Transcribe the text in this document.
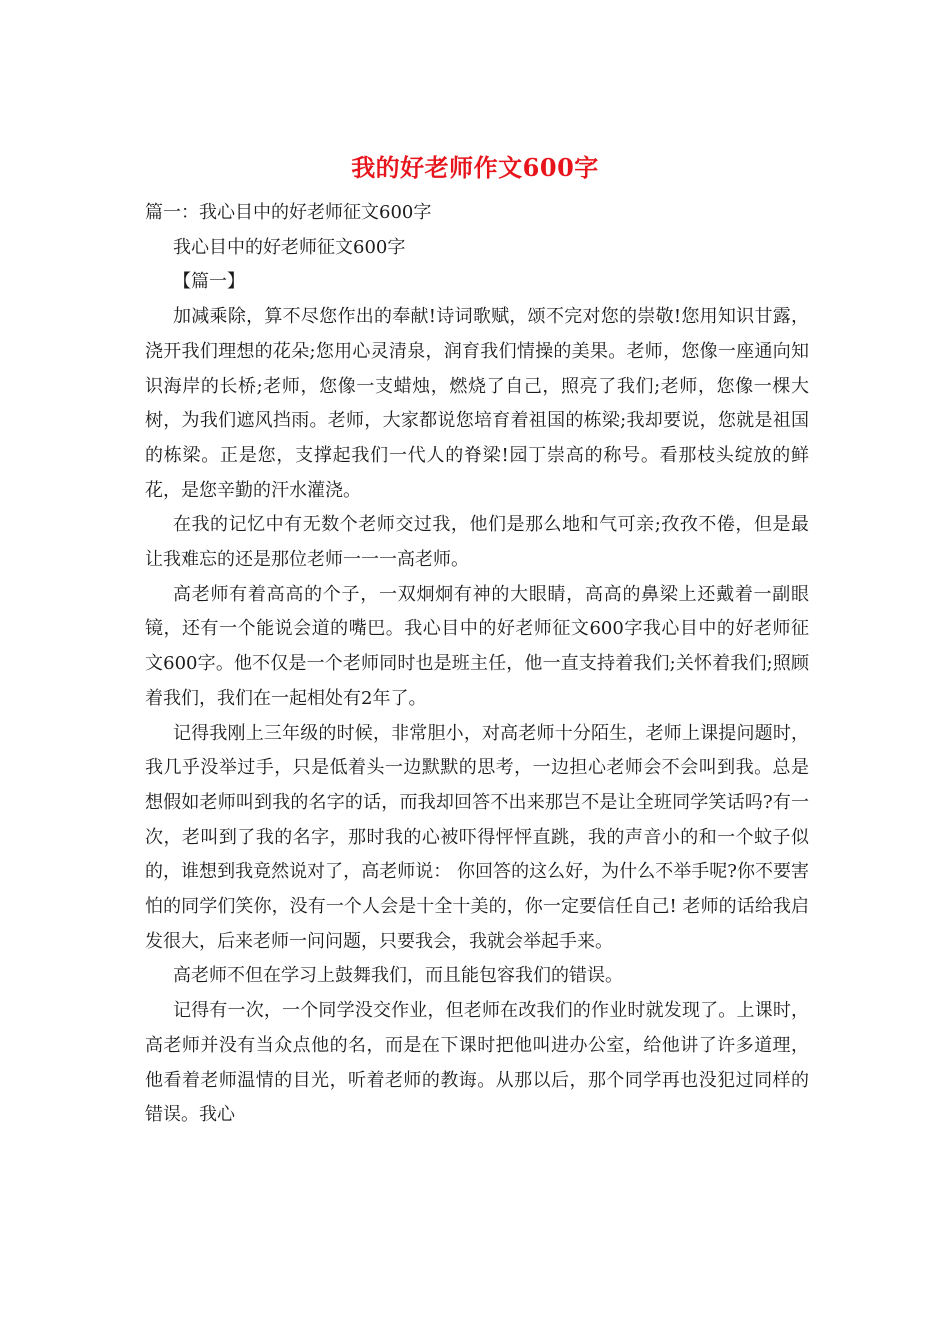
我的好老师作文600字

篇一：我心目中的好老师征文600字

我心目中的好老师征文600字

【篇一】

加减乘除，算不尽您作出的奉献!诗词歌赋，颂不完对您的崇敬!您用知识甘露，浇开我们理想的花朵;您用心灵清泉，润育我们情操的美果。老师，您像一座通向知识海岸的长桥;老师，您像一支蜡烛，燃烧了自己，照亮了我们;老师，您像一棵大树，为我们遮风挡雨。老师，大家都说您培育着祖国的栋梁;我却要说，您就是祖国的栋梁。正是您，支撑起我们一代人的脊梁!园丁崇高的称号。看那枝头绽放的鲜花，是您辛勤的汗水灌浇。

在我的记忆中有无数个老师交过我，他们是那么地和气可亲;孜孜不倦，但是最让我难忘的还是那位老师一一一高老师。

高老师有着高高的个子，一双炯炯有神的大眼睛，高高的鼻梁上还戴着一副眼镜，还有一个能说会道的嘴巴。我心目中的好老师征文600字我心目中的好老师征文600字。他不仅是一个老师同时也是班主任，他一直支持着我们;关怀着我们;照顾着我们，我们在一起相处有2年了。

记得我刚上三年级的时候，非常胆小，对高老师十分陌生，老师上课提问题时，我几乎没举过手，只是低着头一边默默的思考，一边担心老师会不会叫到我。总是想假如老师叫到我的名字的话，而我却回答不出来那岂不是让全班同学笑话吗?有一次，老叫到了我的名字，那时我的心被吓得怦怦直跳，我的声音小的和一个蚊子似的，谁想到我竟然说对了，高老师说： 你回答的这么好，为什么不举手呢?你不要害怕的同学们笑你，没有一个人会是十全十美的，你一定要信任自己! 老师的话给我启发很大，后来老师一问问题，只要我会，我就会举起手来。

高老师不但在学习上鼓舞我们，而且能包容我们的错误。

记得有一次，一个同学没交作业，但老师在改我们的作业时就发现了。上课时，高老师并没有当众点他的名，而是在下课时把他叫进办公室，给他讲了许多道理，他看着老师温情的目光，听着老师的教诲。从那以后，那个同学再也没犯过同样的错误。我心
